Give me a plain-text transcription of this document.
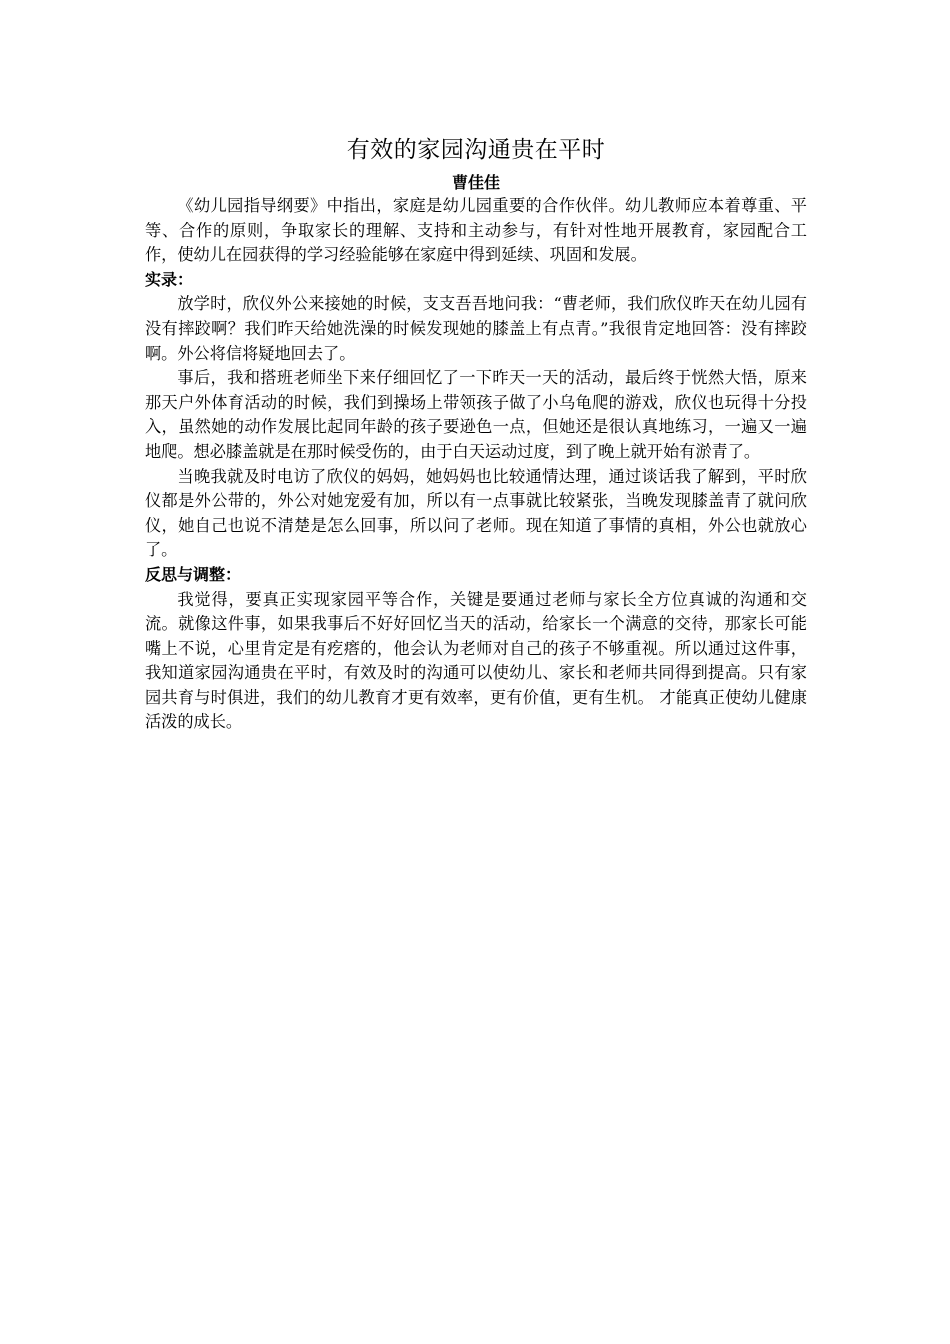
有效的家园沟通贵在平时
曹佳佳

《幼儿园指导纲要》中指出，家庭是幼儿园重要的合作伙伴。幼儿教师应本着尊重、平等、合作的原则，争取家长的理解、支持和主动参与，有针对性地开展教育，家园配合工作，使幼儿在园获得的学习经验能够在家庭中得到延续、巩固和发展。

实录：

放学时，欣仪外公来接她的时候，支支吾吾地问我：“曹老师，我们欣仪昨天在幼儿园有没有摔跤啊？我们昨天给她洗澡的时候发现她的膝盖上有点青。”我很肯定地回答：没有摔跤啊。外公将信将疑地回去了。

事后，我和搭班老师坐下来仔细回忆了一下昨天一天的活动，最后终于恍然大悟，原来那天户外体育活动的时候，我们到操场上带领孩子做了小乌龟爬的游戏，欣仪也玩得十分投入，虽然她的动作发展比起同年龄的孩子要逊色一点，但她还是很认真地练习，一遍又一遍地爬。想必膝盖就是在那时候受伤的，由于白天运动过度，到了晚上就开始有淤青了。

当晚我就及时电访了欣仪的妈妈，她妈妈也比较通情达理，通过谈话我了解到，平时欣仪都是外公带的，外公对她宠爱有加，所以有一点事就比较紧张，当晚发现膝盖青了就问欣仪，她自己也说不清楚是怎么回事，所以问了老师。现在知道了事情的真相，外公也就放心了。

反思与调整：

我觉得，要真正实现家园平等合作，关键是要通过老师与家长全方位真诚的沟通和交流。就像这件事，如果我事后不好好回忆当天的活动，给家长一个满意的交待，那家长可能嘴上不说，心里肯定是有疙瘩的，他会认为老师对自己的孩子不够重视。所以通过这件事，我知道家园沟通贵在平时，有效及时的沟通可以使幼儿、家长和老师共同得到提高。只有家园共育与时俱进，我们的幼儿教育才更有效率，更有价值，更有生机。 才能真正使幼儿健康活泼的成长。
